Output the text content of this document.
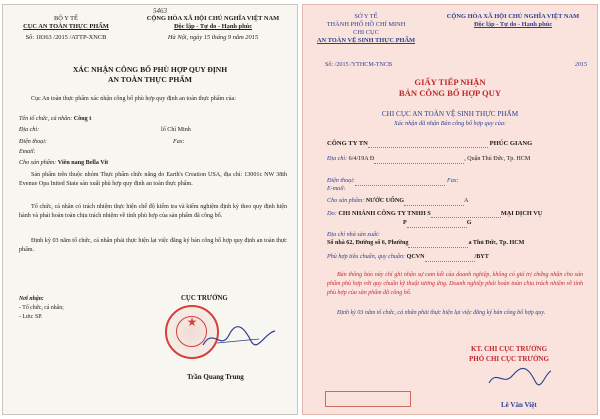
5463
BỘ Y TẾ
CỤC AN TOÀN THỰC PHẨM
Số: 18363 /2015 /ATTP-XNCB
CỘNG HÒA XÃ HỘI CHỦ NGHĨA VIỆT NAM
Độc lập - Tự do - Hạnh phúc
Hà Nội, ngày 15 tháng 9 năm 2015
XÁC NHẬN CÔNG BỐ PHÙ HỢP QUY ĐỊNH
AN TOÀN THỰC PHẨM
Cục An toàn thực phẩm xác nhận công bố phù hợp quy định an toàn thực phẩm của:
Tên tổ chức, cá nhân: Công t
Địa chỉ:	lố Chí Minh
Điện thoại:	Fax:
Email:
Cho sản phẩm: Viên nang Bella Vit
Sản phẩm trên thuộc nhóm Thực phẩm chức năng do Earth's Creation USA, địa chỉ: 13001c NW 38th Evenue Opa Inited State sản xuất phù hợp quy định an toàn thực phẩm.
Tổ chức, cá nhân có trách nhiệm thực hiện chế độ kiểm tra và kiểm nghiệm định kỳ theo quy định hiện hành và phải hoàn toàn chịu trách nhiệm về tính phù hợp của sản phẩm đã công bố.
Định kỳ 03 năm tổ chức, cá nhân phải thực hiện lại việc đăng ký bản công bố hợp quy định an toàn thực phẩm.
Nơi nhận:
- Tổ chức, cá nhân;
- Lưu: SP.
CỤC TRƯỞNG
★
Trần Quang Trung
SỞ Y TẾ
THÀNH PHỐ HỒ CHÍ MINH
CHI CỤC
AN TOÀN VỆ SINH THỰC PHẨM
CỘNG HÒA XÃ HỘI CHỦ NGHĨA VIỆT NAM
Độc lập - Tự do - Hạnh phúc
Số: /2015 /YTHCM-TNCB	2015
GIẤY TIẾP NHẬN
BẢN CÔNG BỐ HỢP QUY
CHI CỤC AN TOÀN VỆ SINH THỰC PHẨM
Xác nhận đã nhận Bản công bố hợp quy của:
CÔNG TY TN	PHÚC GIANG
Địa chỉ: 6/4/19A Đ	, Quận Thủ Đức, Tp. HCM
Điện thoại:	Fax:
E-mail:
Cho sản phẩm: NƯỚC UỐNG	A
Do: CHI NHÁNH CÔNG TY TNHH S	MẠI DỊCH VỤ
P	G
Địa chỉ nhà sản xuất:
Số nhà 62, Đường số 6, Phường	a Thủ Đức, Tp. HCM
Phù hợp tiêu chuẩn, quy chuẩn: QCVN	/BYT
Bản thông báo này chỉ ghi nhận sự cam kết của doanh nghiệp, không có giá trị chứng nhận cho sản phẩm phù hợp với quy chuẩn kỹ thuật tương ứng. Doanh nghiệp phải hoàn toàn chịu trách nhiệm về tính phù hợp của sản phẩm đã công bố.
Định kỳ 03 năm tổ chức, cá nhân phải thực hiện lại việc đăng ký bản công bố hợp quy.
KT. CHI CỤC TRƯỞNG
PHÓ CHI CỤC TRƯỞNG
Lê Văn Việt
